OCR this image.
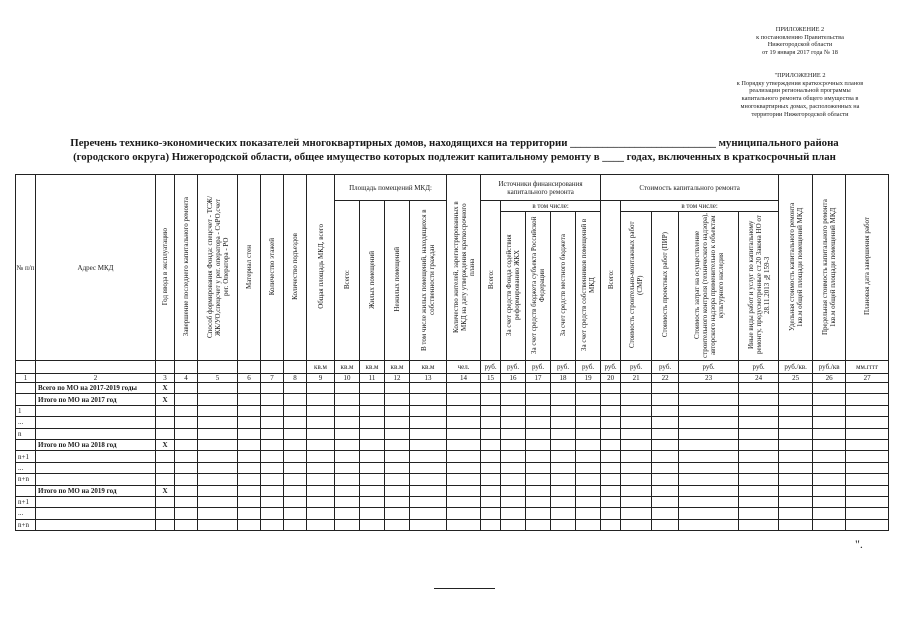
ПРИЛОЖЕНИЕ 2
к постановлению Правительства
Нижегородской области
от 19 января 2017 года № 18
"ПРИЛОЖЕНИЕ 2
к Порядку утверждения краткосрочных планов
реализации региональной программы
капитального ремонта общего имущества в
многоквартирных домах, расположенных на
территории Нижегородской области
Перечень технико-экономических показателей многоквартирных домов, находящихся на территории ___________________________ муниципального района
(городского округа) Нижегородской области, общее имущество которых подлежит капитальному ремонту в ____ годах, включенных в краткосрочный план
№ п/п	Адрес МКД	Год ввода в эксплуатацию	Завершение последнего капитального ремонта	Способ формирования Фонда: спецсчет - ТСЖ/ЖК/УО,спецсчет у рег. оператора - СчРО,счет рег. Оператора - РО	Материал стен	Количество этажей	Количество подъездов	Общая площадь МКД, всего	Площадь помещений МКД:				Количество жителей, зарегистрированных в МКД на дату утверждения краткосрочного плана	Источники финансирования капитального ремонта					Стоимость капитального ремонта					Удельная стоимость капитального ремонта 1кв.м общей площади помещений МКД	Предельная стоимость капитального ремонта 1кв.м общей площади помещений МКД	Плановая дата завершения работ
									Всего:	Жилых помещений	Нежилых помещений	В том числе жилых помещений, находящихся в собственности граждан		Всего:	в том числе:				Всего:	в том числе:						
															За счет средств Фонда содействия реформированию ЖКХ	За счет средств бюджета субъекта Российской Федерации	За счет средств местного бюджета	За счет средств собственников помещений в МКД		Стоимость строительно-монтажных работ (СМР)	Стоимость проектных работ (ПИР)	Стоимость затрат на осуществление строительного контроля (технического надзора), авторского надзора применительно к объектам культурного наследия	Иные виды работ и услуг по капитальному ремонту, предусмотренные ст.20 Закона НО от 28.11.2013 №159-З			
								кв.м	кв.м	кв.м	кв.м	кв.м	чел.	руб.	руб.	руб.	руб.	руб.	руб.	руб.	руб.	руб.	руб.	руб./кв.	руб./кв	мм.гггг
1	2	3	4	5	6	7	8	9	10	11	12	13	14	15	16	17	18	19	20	21	22	23	24	25	26	27
	Всего по МО на 2017-2019 годы	X																								
	Итого по МО на 2017 год	X																								
1																										
...																										
n																										
	Итого по МО на 2018 год	X																								
n+1																										
...																										
n+n																										
	Итого по МО на 2019 год	X																								
n+1																										
...																										
n+n																										
".
